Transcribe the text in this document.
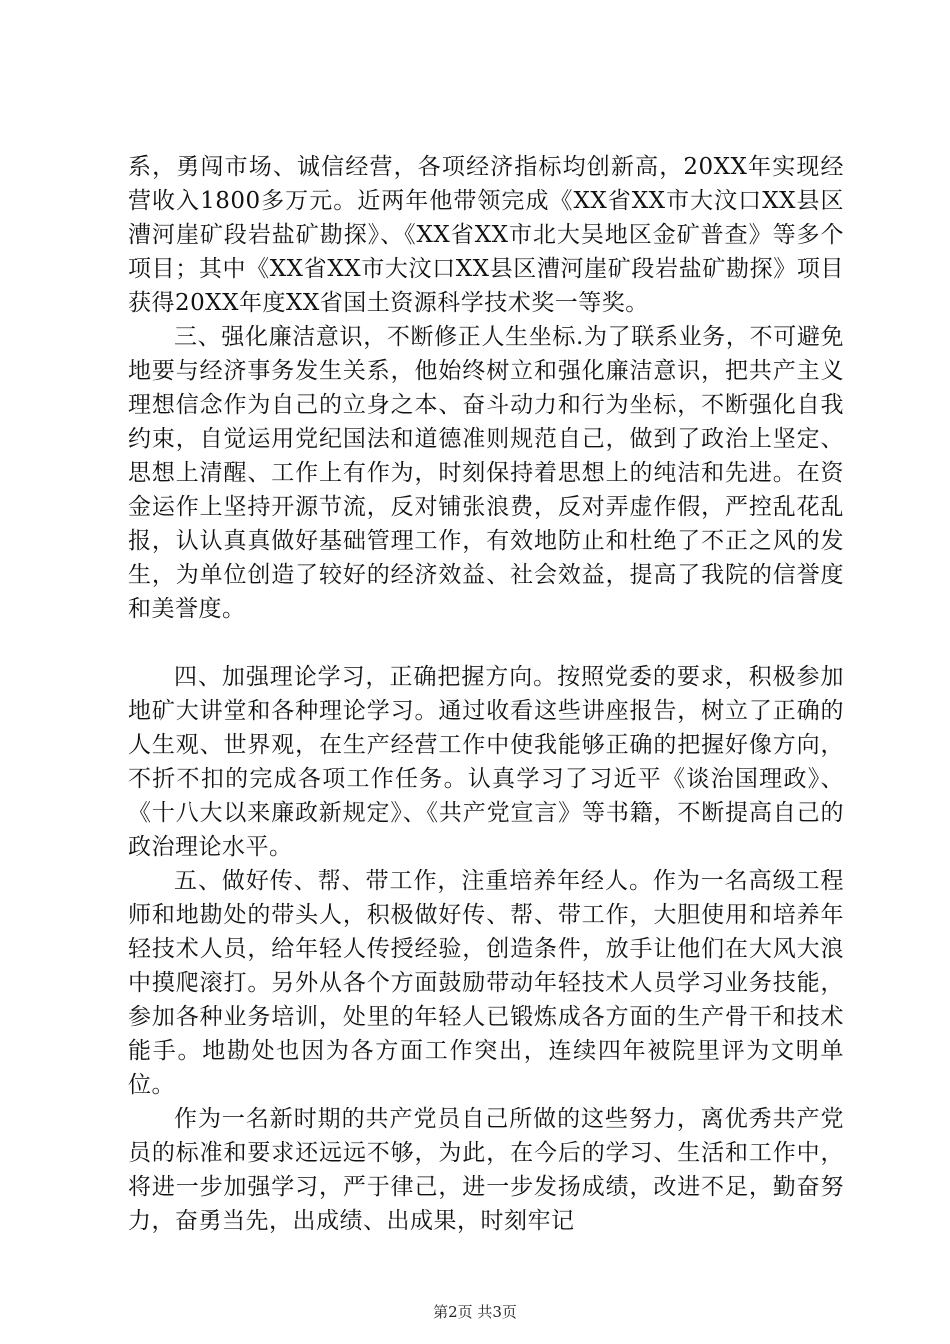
系，勇闯市场、诚信经营，各项经济指标均创新高，20XX年实现经营收入1800多万元。近两年他带领完成《XX省XX市大汶口XX县区漕河崖矿段岩盐矿勘探》、《XX省XX市北大吴地区金矿普查》等多个项目；其中《XX省XX市大汶口XX县区漕河崖矿段岩盐矿勘探》项目获得20XX年度XX省国土资源科学技术奖一等奖。

三、强化廉洁意识，不断修正人生坐标.为了联系业务，不可避免地要与经济事务发生关系，他始终树立和强化廉洁意识，把共产主义理想信念作为自己的立身之本、奋斗动力和行为坐标，不断强化自我约束，自觉运用党纪国法和道德准则规范自己，做到了政治上坚定、思想上清醒、工作上有作为，时刻保持着思想上的纯洁和先进。在资金运作上坚持开源节流，反对铺张浪费，反对弄虚作假，严控乱花乱报，认认真真做好基础管理工作，有效地防止和杜绝了不正之风的发生，为单位创造了较好的经济效益、社会效益，提高了我院的信誉度和美誉度。

四、加强理论学习，正确把握方向。按照党委的要求，积极参加地矿大讲堂和各种理论学习。通过收看这些讲座报告，树立了正确的人生观、世界观，在生产经营工作中使我能够正确的把握好像方向，不折不扣的完成各项工作任务。认真学习了习近平《谈治国理政》、《十八大以来廉政新规定》、《共产党宣言》等书籍，不断提高自己的政治理论水平。

五、做好传、帮、带工作，注重培养年经人。作为一名高级工程师和地勘处的带头人，积极做好传、帮、带工作，大胆使用和培养年轻技术人员，给年轻人传授经验，创造条件，放手让他们在大风大浪中摸爬滚打。另外从各个方面鼓励带动年轻技术人员学习业务技能，参加各种业务培训，处里的年轻人已锻炼成各方面的生产骨干和技术能手。地勘处也因为各方面工作突出，连续四年被院里评为文明单位。

作为一名新时期的共产党员自己所做的这些努力，离优秀共产党员的标准和要求还远远不够，为此，在今后的学习、生活和工作中，将进一步加强学习，严于律己，进一步发扬成绩，改进不足，勤奋努力，奋勇当先，出成绩、出成果，时刻牢记

第2页 共3页
